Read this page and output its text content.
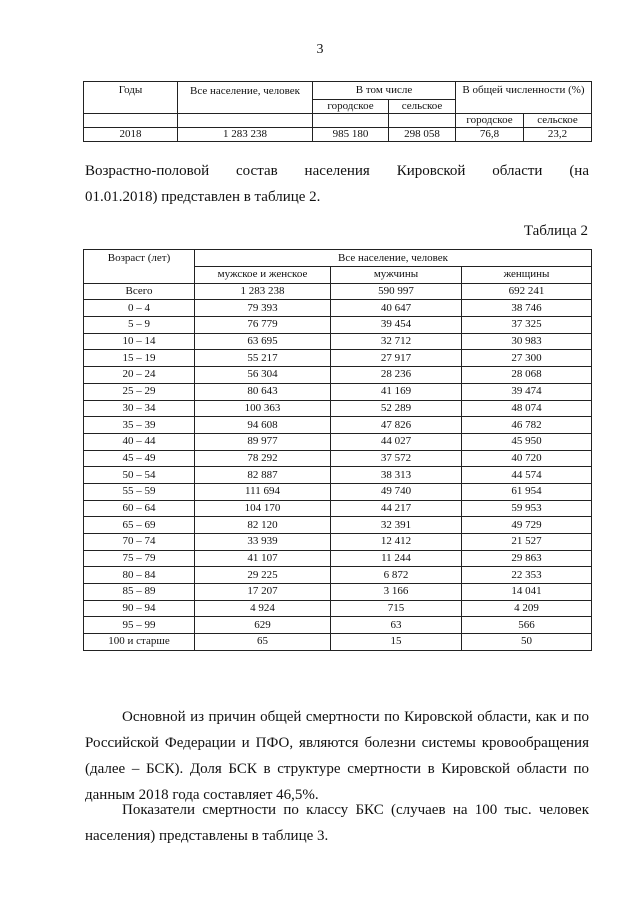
3
Годы	Все население, человек	В том числе		В общей численности (%)	
		городское	сельское		
				городское	сельское
2018	1 283 238	985 180	298 058	76,8	23,2
Возрастно-половой состав населения Кировской области (на
01.01.2018) представлен в таблице 2.
Таблица 2
Возраст (лет)	Все население, человек		
	мужское и женское	мужчины	женщины
Всего	1 283 238	590 997	692 241
0 – 4	79 393	40 647	38 746
5 – 9	76 779	39 454	37 325
10 – 14	63 695	32 712	30 983
15 – 19	55 217	27 917	27 300
20 – 24	56 304	28 236	28 068
25 – 29	80 643	41 169	39 474
30 – 34	100 363	52 289	48 074
35 – 39	94 608	47 826	46 782
40 – 44	89 977	44 027	45 950
45 – 49	78 292	37 572	40 720
50 – 54	82 887	38 313	44 574
55 – 59	111 694	49 740	61 954
60 – 64	104 170	44 217	59 953
65 – 69	82 120	32 391	49 729
70 – 74	33 939	12 412	21 527
75 – 79	41 107	11 244	29 863
80 – 84	29 225	6 872	22 353
85 – 89	17 207	3 166	14 041
90 – 94	4 924	715	4 209
95 – 99	629	63	566
100 и старше	65	15	50
Основной из причин общей смертности по Кировской области, как и по
Российской Федерации и ПФО, являются болезни системы кровообращения
(далее – БСК). Доля БСК в структуре смертности в Кировской области по
данным 2018 года составляет 46,5%.
Показатели смертности по классу БКС (случаев на 100 тыс. человек
населения) представлены в таблице 3.
